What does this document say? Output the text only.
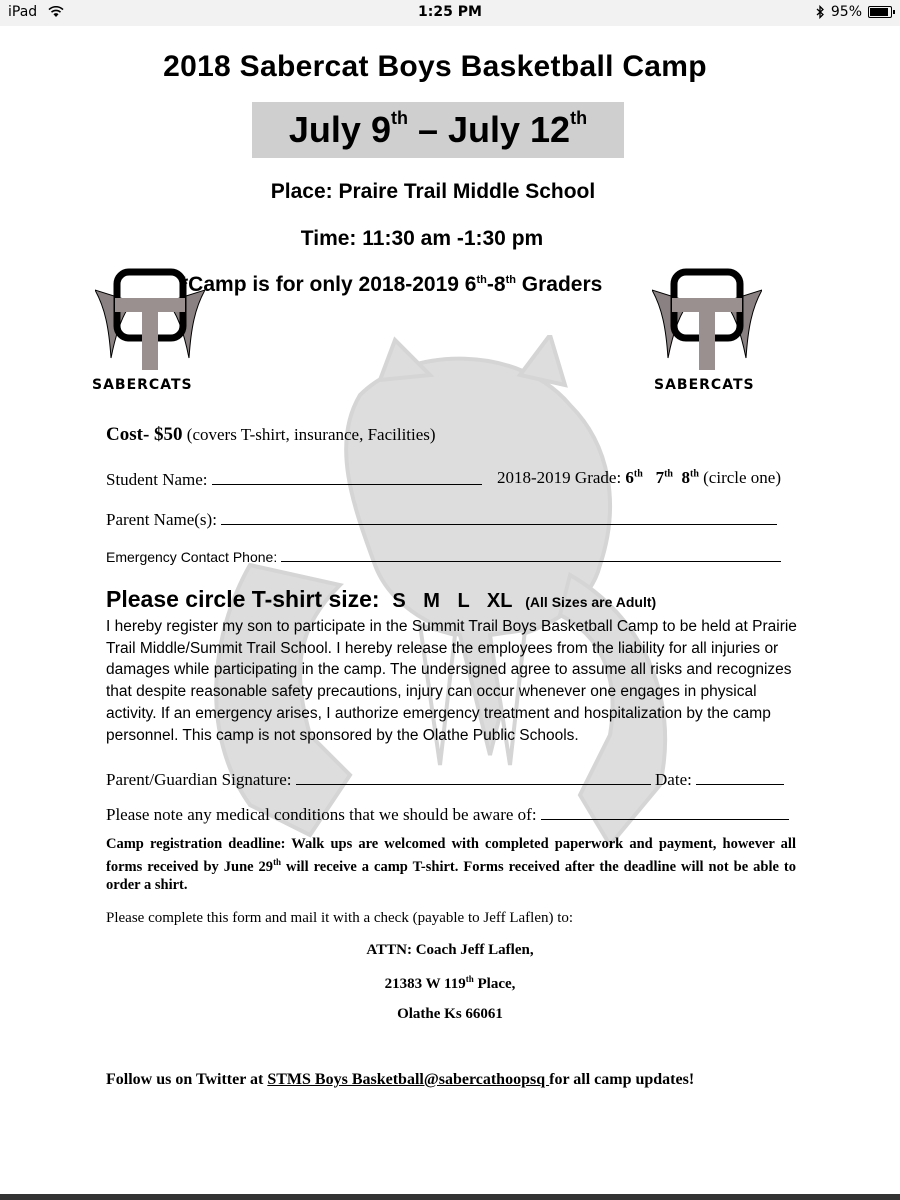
iPad	1:25 PM	95%
2018 Sabercat Boys Basketball Camp
July 9th – July 12th
Place: Praire Trail Middle School
Time: 11:30 am -1:30 pm
*Camp is for only 2018-2019 6th-8th Graders
SABERCATS	SABERCATS
Cost- $50 (covers T-shirt, insurance, Facilities)
Student Name:	2018-2019 Grade: 6th 7th 8th (circle one)
Parent Name(s):
Emergency Contact Phone:
Please circle T-shirt size: S M L XL (All Sizes are Adult)
I hereby register my son to participate in the Summit Trail Boys Basketball Camp to be held at Prairie Trail Middle/Summit Trail School. I hereby release the employees from the liability for all injuries or damages while participating in the camp. The undersigned agree to assume all risks and recognizes that despite reasonable safety precautions, injury can occur whenever one engages in physical activity. If an emergency arises, I authorize emergency treatment and hospitalization by the camp personnel. This camp is not sponsored by the Olathe Public Schools.
Parent/Guardian Signature:	Date:
Please note any medical conditions that we should be aware of:
Camp registration deadline: Walk ups are welcomed with completed paperwork and payment, however all forms received by June 29th will receive a camp T-shirt. Forms received after the deadline will not be able to order a shirt.
Please complete this form and mail it with a check (payable to Jeff Laflen) to:
ATTN: Coach Jeff Laflen,
21383 W 119th Place,
Olathe Ks 66061
Follow us on Twitter at STMS Boys Basketball@sabercathoopsq for all camp updates!
